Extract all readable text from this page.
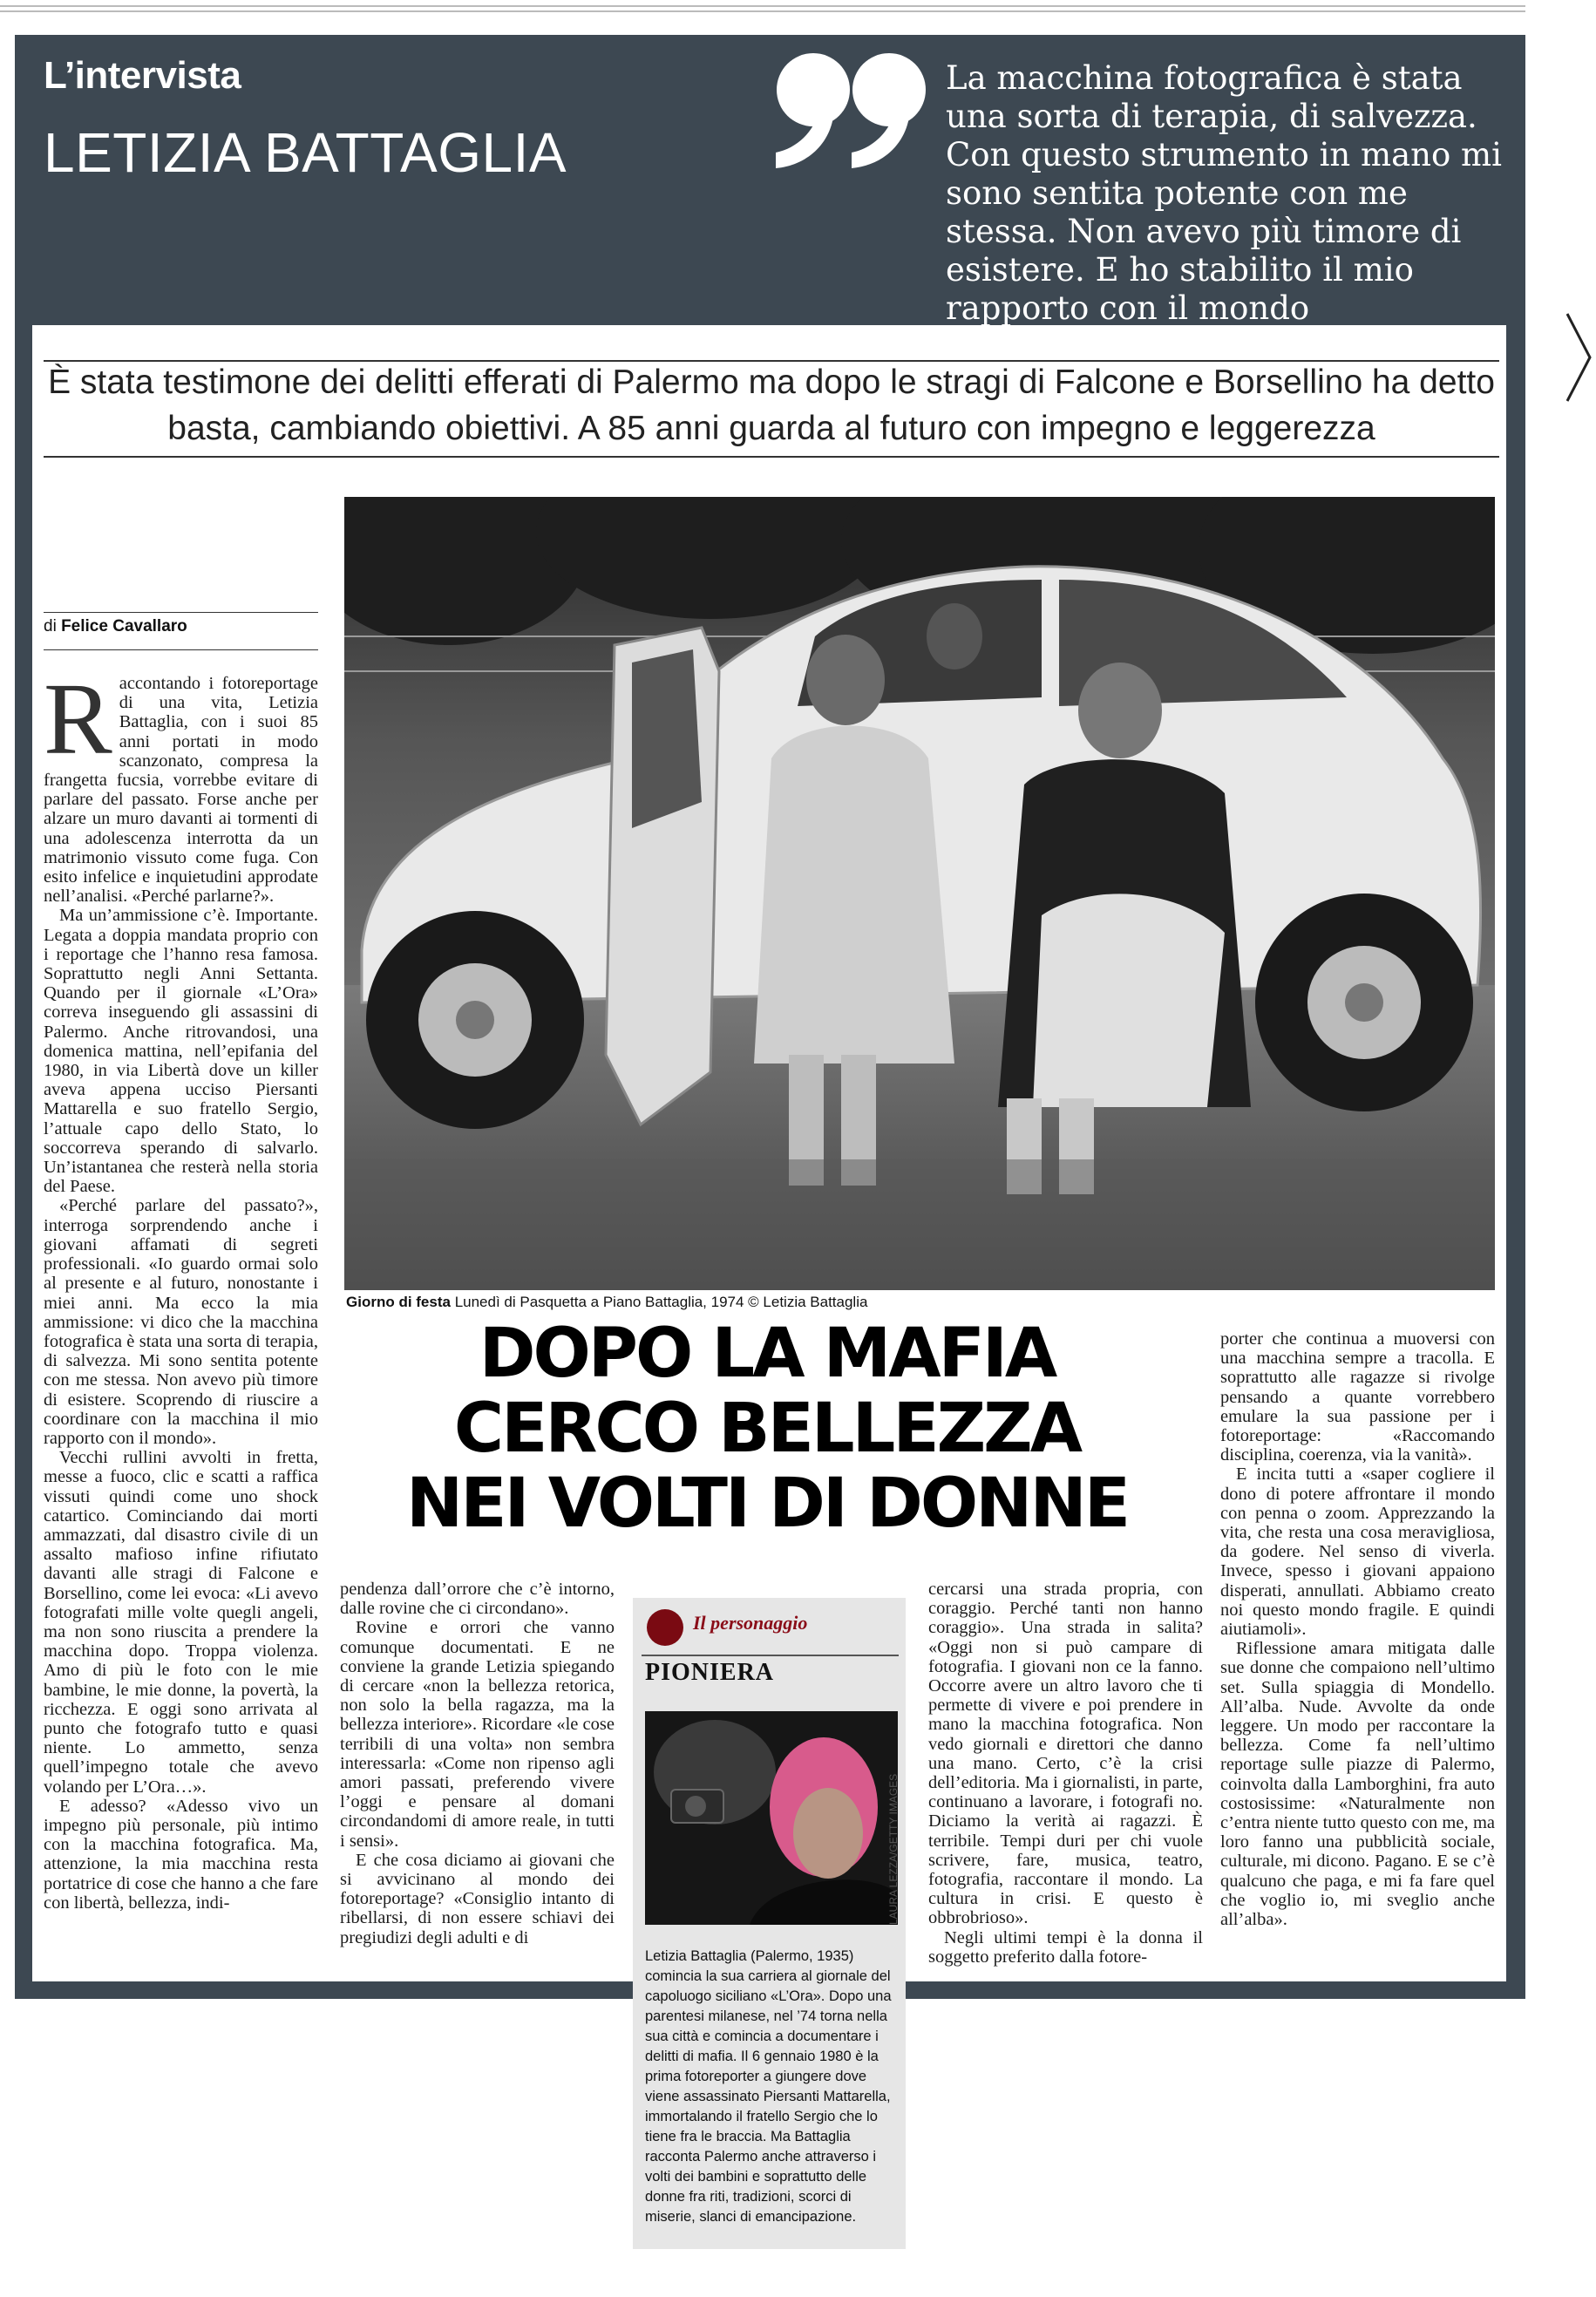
L’intervista
LETIZIA BATTAGLIA
La macchina fotografica è stata una sorta di terapia, di salvezza. Con questo strumento in mano mi sono sentita potente con me stessa. Non avevo più timore di esistere. E ho stabilito il mio rapporto con il mondo
È stata testimone dei delitti efferati di Palermo ma dopo le stragi di Falcone e Borsellino ha detto basta, cambiando obiettivi. A 85 anni guarda al futuro con impegno e leggerezza
Giorno di festa Lunedì di Pasquetta a Piano Battaglia, 1974 © Letizia Battaglia
di Felice Cavallaro

Raccontando i fotoreportage di una vita, Letizia Battaglia, con i suoi 85 anni portati in modo scanzonato, compresa la frangetta fucsia, vorrebbe evitare di parlare del passato. Forse anche per alzare un muro davanti ai tormenti di una adolescenza interrotta da un matrimonio vissuto come fuga. Con esito infelice e inquietudini approdate nell’analisi. «Perché parlarne?».

Ma un’ammissione c’è. Importante. Legata a doppia mandata proprio con i reportage che l’hanno resa famosa. Soprattutto negli Anni Settanta. Quando per il giornale «L’Ora» correva inseguendo gli assassini di Palermo. Anche ritrovandosi, una domenica mattina, nell’epifania del 1980, in via Libertà dove un killer aveva appena ucciso Piersanti Mattarella e suo fratello Sergio, l’attuale capo dello Stato, lo soccorreva sperando di salvarlo. Un’istantanea che resterà nella storia del Paese.

«Perché parlare del passato?», interroga sorprendendo anche i giovani affamati di segreti professionali. «Io guardo ormai solo al presente e al futuro, nonostante i miei anni. Ma ecco la mia ammissione: vi dico che la macchina fotografica è stata una sorta di terapia, di salvezza. Mi sono sentita potente con me stessa. Non avevo più timore di esistere. Scoprendo di riuscire a coordinare con la macchina il mio rapporto con il mondo».

Vecchi rullini avvolti in fretta, messe a fuoco, clic e scatti a raffica vissuti quindi come uno shock catartico. Cominciando dai morti ammazzati, dal disastro civile di un assalto mafioso infine rifiutato davanti alle stragi di Falcone e Borsellino, come lei evoca: «Li avevo fotografati mille volte quegli angeli, ma non sono riuscita a prendere la macchina dopo. Troppa violenza. Amo di più le foto con le mie bambine, le mie donne, la povertà, la ricchezza. E oggi sono arrivata al punto che fotografo tutto e quasi niente. Lo ammetto, senza quell’impegno totale che avevo volando per L’Ora…».

E adesso? «Adesso vivo un impegno più personale, più intimo con la macchina fotografica. Ma, attenzione, la mia macchina resta portatrice di cose che hanno a che fare con libertà, bellezza, indi-

DOPO LA MAFIA
CERCO BELLEZZA
NEI VOLTI DI DONNE

pendenza dall’orrore che c’è intorno, dalle rovine che ci circondano».

Rovine e orrori che vanno comunque documentati. E ne conviene la grande Letizia spiegando di cercare «non la bellezza retorica, non solo la bella ragazza, ma la bellezza interiore». Ricordare «le cose terribili di una volta» non sembra interessarla: «Come non ripenso agli amori passati, preferendo vivere l’oggi e pensare al domani circondandomi di amore reale, in tutti i sensi».

E che cosa diciamo ai giovani che si avvicinano al mondo dei fotoreportage? «Consiglio intanto di ribellarsi, di non essere schiavi dei pregiudizi degli adulti e di

cercarsi una strada propria, con coraggio. Perché tanti non hanno coraggio». Una strada in salita? «Oggi non si può campare di fotografia. I giovani non ce la fanno. Occorre avere un altro lavoro che ti permette di vivere e poi prendere in mano la macchina fotografica. Non vedo giornali e direttori che danno una mano. Certo, c’è la crisi dell’editoria. Ma i giornalisti, in parte, continuano a lavorare, i fotografi no. Diciamo la verità ai ragazzi. È terribile. Tempi duri per chi vuole scrivere, fare, musica, teatro, fotografia, raccontare il mondo. La cultura in crisi. E questo è obbrobrioso».

Negli ultimi tempi è la donna il soggetto preferito dalla fotore-

porter che continua a muoversi con una macchina sempre a tracolla. E soprattutto alle ragazze si rivolge pensando a quante vorrebbero emulare la sua passione per i fotoreportage: «Raccomando disciplina, coerenza, via la vanità».

E incita tutti a «saper cogliere il dono di potere affrontare il mondo con penna o zoom. Apprezzando la vita, che resta una cosa meravigliosa, da godere. Nel senso di viverla. Invece, spesso i giovani appaiono disperati, annullati. Abbiamo creato noi questo mondo fragile. E quindi aiutiamoli».

Riflessione amara mitigata dalle sue donne che compaiono nell’ultimo set. Sulla spiaggia di Mondello. All’alba. Nude. Avvolte da onde leggere. Un modo per raccontare la bellezza. Come fa nell’ultimo reportage sulle piazze di Palermo, coinvolta dalla Lamborghini, fra auto costosissime: «Naturalmente non c’entra niente tutto questo con me, ma loro fanno una pubblicità sociale, culturale, mi dicono. Pagano. E se c’è qualcuno che paga, e mi fa fare quel che voglio io, mi sveglio anche all’alba».

Il personaggio
PIONIERA
LAURA LEZZA/GETTY IMAGES
Letizia Battaglia (Palermo, 1935) comincia la sua carriera al giornale del capoluogo siciliano «L’Ora». Dopo una parentesi milanese, nel ’74 torna nella sua città e comincia a documentare i delitti di mafia. Il 6 gennaio 1980 è la prima fotoreporter a giungere dove viene assassinato Piersanti Mattarella, immortalando il fratello Sergio che lo tiene fra le braccia. Ma Battaglia racconta Palermo anche attraverso i volti dei bambini e soprattutto delle donne fra riti, tradizioni, scorci di miserie, slanci di emancipazione.
